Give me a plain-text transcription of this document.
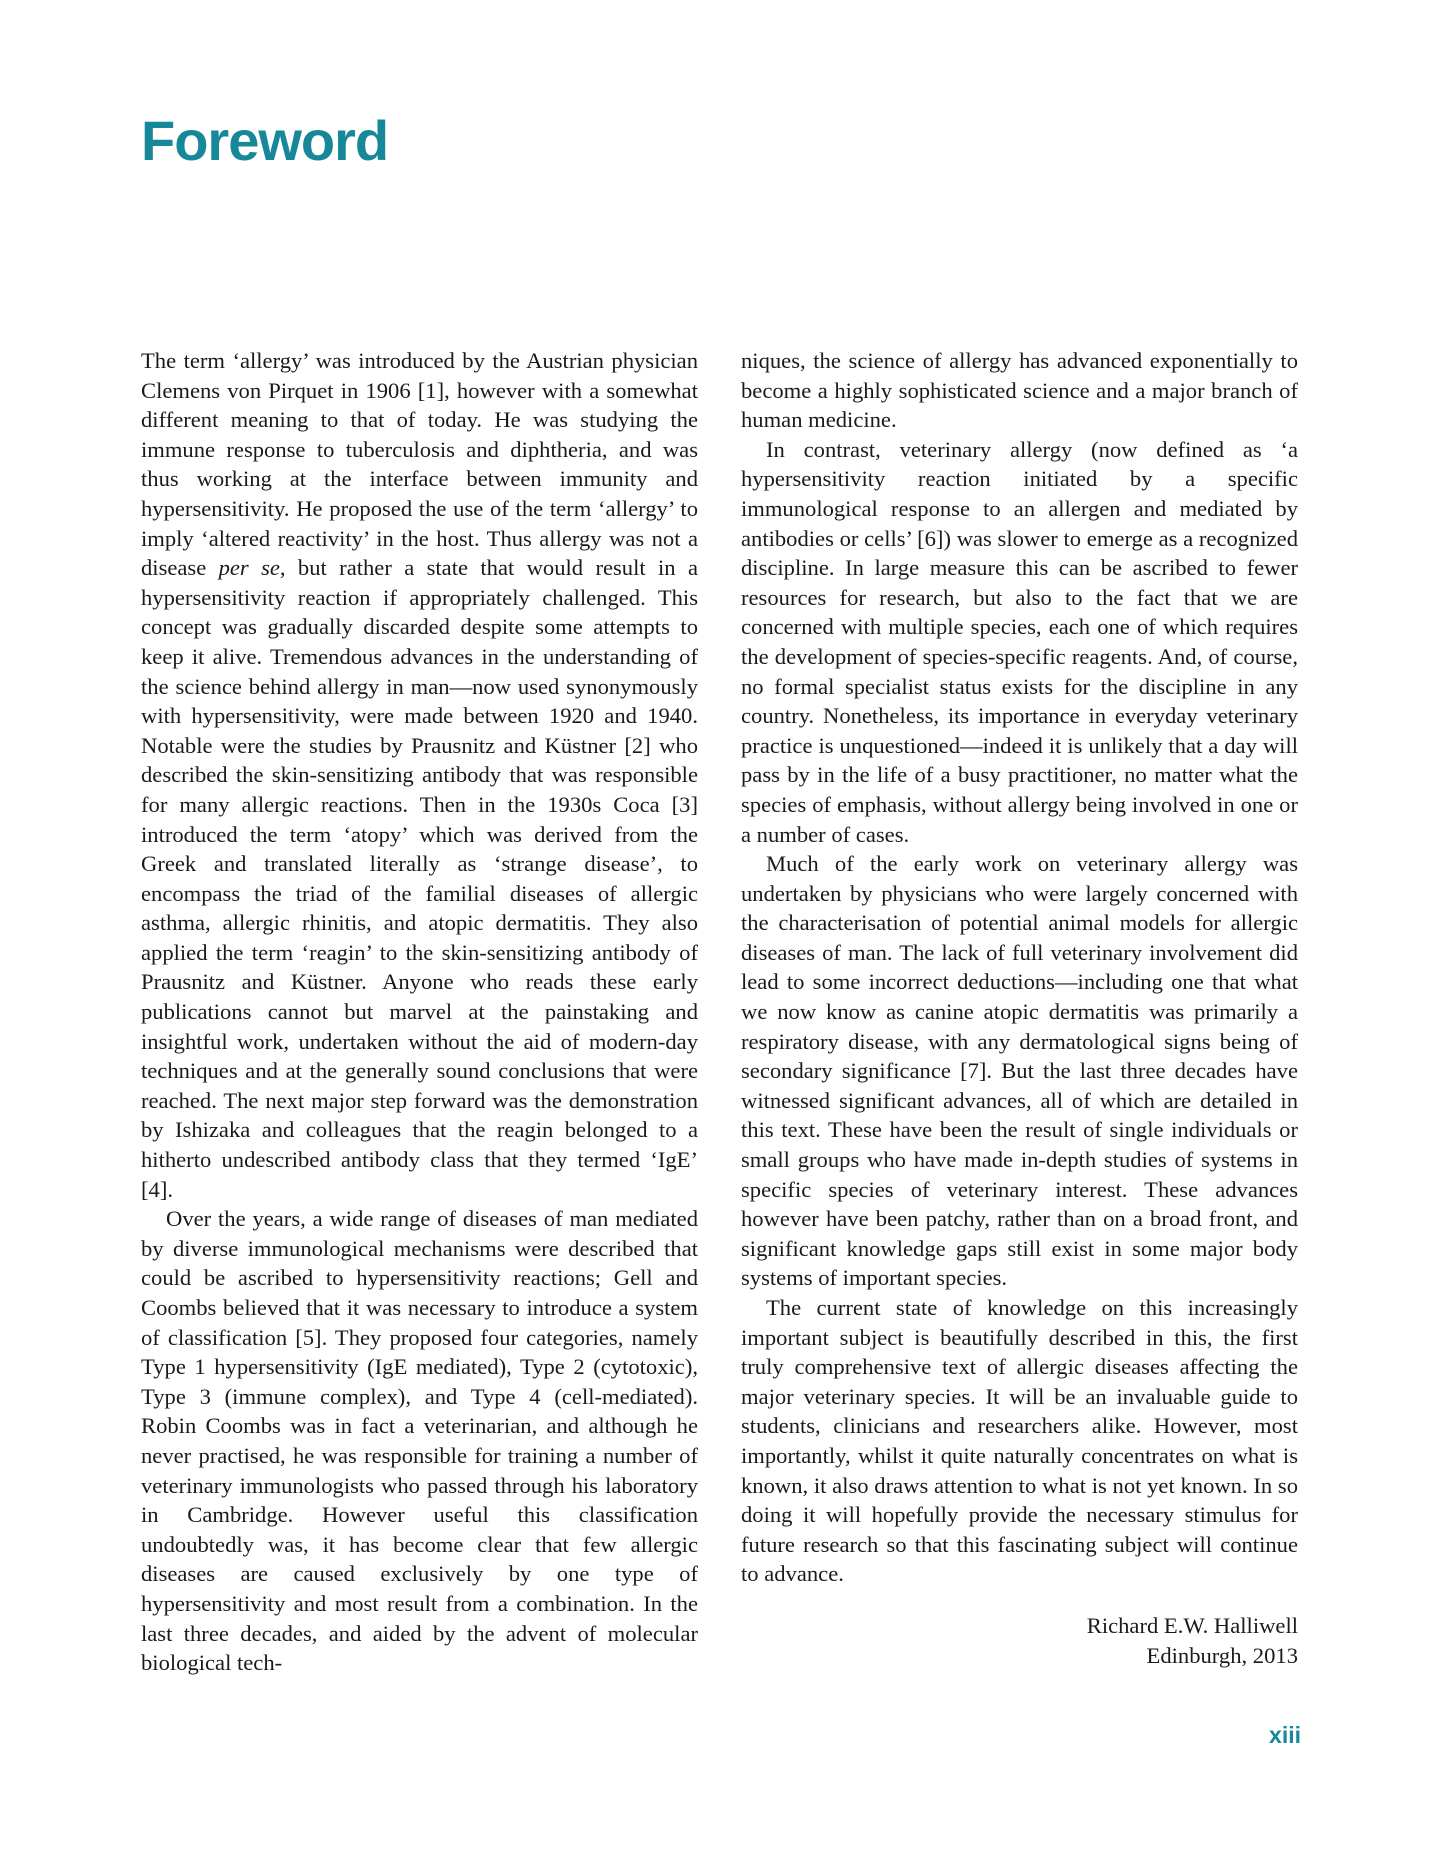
Foreword

The term ‘allergy’ was introduced by the Austrian physician Clemens von Pirquet in 1906 [1], however with a somewhat different meaning to that of today. He was studying the immune response to tuberculosis and diphtheria, and was thus working at the interface between immunity and hypersensitivity. He proposed the use of the term ‘allergy’ to imply ‘altered reactivity’ in the host. Thus allergy was not a disease per se, but rather a state that would result in a hypersensitivity reaction if appropriately challenged. This concept was gradually discarded despite some attempts to keep it alive. Tremendous advances in the understanding of the science behind allergy in man—now used synonymously with hypersensitivity, were made between 1920 and 1940. Notable were the studies by Prausnitz and Küstner [2] who described the skin-sensitizing antibody that was responsible for many allergic reactions. Then in the 1930s Coca [3] introduced the term ‘atopy’ which was derived from the Greek and translated literally as ‘strange disease’, to encompass the triad of the familial diseases of allergic asthma, allergic rhinitis, and atopic dermatitis. They also applied the term ‘reagin’ to the skin-sensitizing antibody of Prausnitz and Küstner. Anyone who reads these early publications cannot but marvel at the painstaking and insightful work, undertaken without the aid of modern-day techniques and at the generally sound conclusions that were reached. The next major step forward was the demonstration by Ishizaka and colleagues that the reagin belonged to a hitherto undescribed antibody class that they termed ‘IgE’ [4].

Over the years, a wide range of diseases of man mediated by diverse immunological mechanisms were described that could be ascribed to hypersensitivity reactions; Gell and Coombs believed that it was necessary to introduce a system of classification [5]. They proposed four categories, namely Type 1 hypersensitivity (IgE mediated), Type 2 (cytotoxic), Type 3 (immune complex), and Type 4 (cell-mediated). Robin Coombs was in fact a veterinarian, and although he never practised, he was responsible for training a number of veterinary immunologists who passed through his laboratory in Cambridge. However useful this classification undoubtedly was, it has become clear that few allergic diseases are caused exclusively by one type of hypersensitivity and most result from a combination. In the last three decades, and aided by the advent of molecular biological tech-

niques, the science of allergy has advanced exponentially to become a highly sophisticated science and a major branch of human medicine.

In contrast, veterinary allergy (now defined as ‘a hypersensitivity reaction initiated by a specific immunological response to an allergen and mediated by antibodies or cells’ [6]) was slower to emerge as a recognized discipline. In large measure this can be ascribed to fewer resources for research, but also to the fact that we are concerned with multiple species, each one of which requires the development of species-specific reagents. And, of course, no formal specialist status exists for the discipline in any country. Nonetheless, its importance in everyday veterinary practice is unquestioned—indeed it is unlikely that a day will pass by in the life of a busy practitioner, no matter what the species of emphasis, without allergy being involved in one or a number of cases.

Much of the early work on veterinary allergy was undertaken by physicians who were largely concerned with the characterisation of potential animal models for allergic diseases of man. The lack of full veterinary involvement did lead to some incorrect deductions—including one that what we now know as canine atopic dermatitis was primarily a respiratory disease, with any dermatological signs being of secondary significance [7]. But the last three decades have witnessed significant advances, all of which are detailed in this text. These have been the result of single individuals or small groups who have made in-depth studies of systems in specific species of veterinary interest. These advances however have been patchy, rather than on a broad front, and significant knowledge gaps still exist in some major body systems of important species.

The current state of knowledge on this increasingly important subject is beautifully described in this, the first truly comprehensive text of allergic diseases affecting the major veterinary species. It will be an invaluable guide to students, clinicians and researchers alike. However, most importantly, whilst it quite naturally concentrates on what is known, it also draws attention to what is not yet known. In so doing it will hopefully provide the necessary stimulus for future research so that this fascinating subject will continue to advance.

Richard E.W. Halliwell
Edinburgh, 2013
xiii
